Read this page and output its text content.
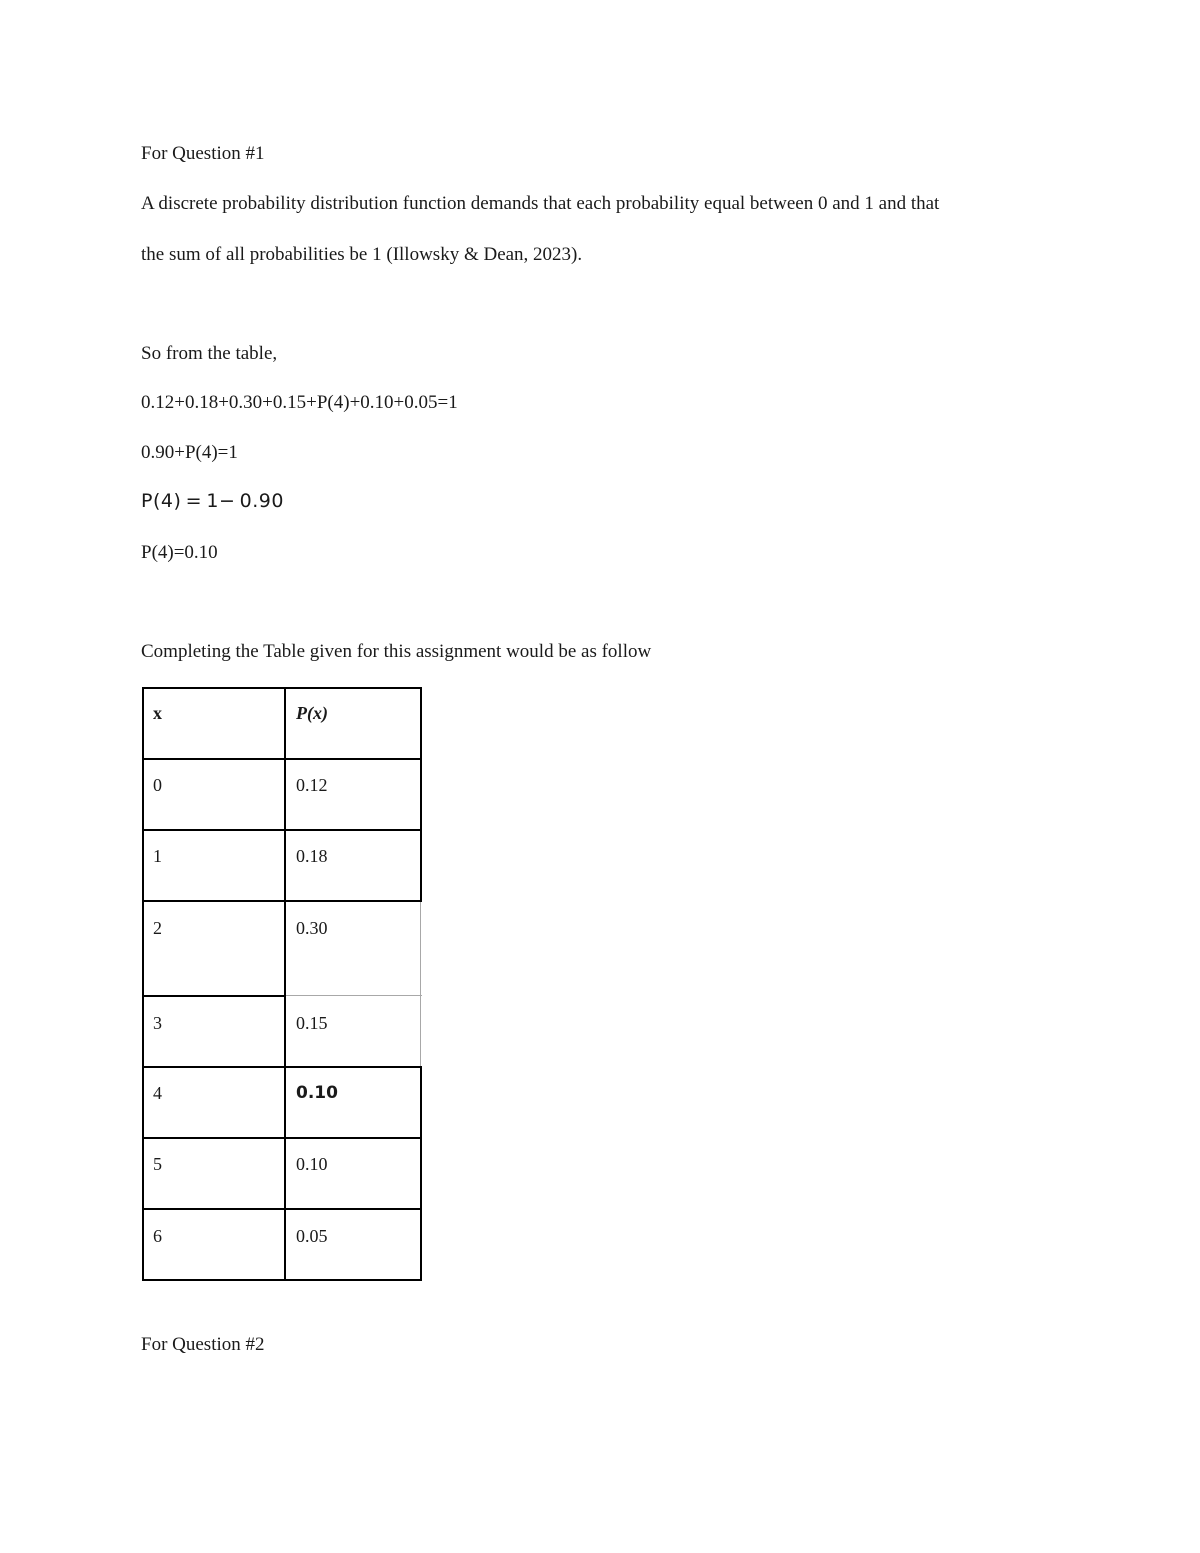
For Question #1
A discrete probability distribution function demands that each probability equal between 0 and 1 and that
the sum of all probabilities be 1 (Illowsky & Dean, 2023).
So from the table,
0.12+0.18+0.30+0.15+P(4)+0.10+0.05=1
0.90+P(4)=1
P(4) = 1− 0.90
P(4)=0.10
Completing the Table given for this assignment would be as follow
x	P(x)
0	0.12
1	0.18
2	0.30
3	0.15
4	0.10
5	0.10
6	0.05
For Question #2
